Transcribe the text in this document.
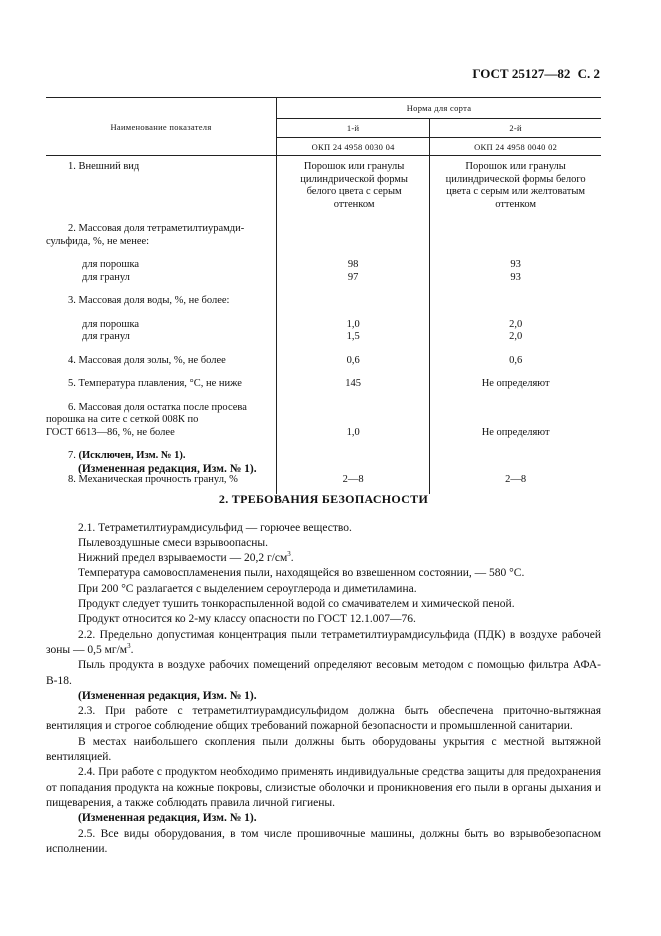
ГОСТ 25127—82 С. 2
Наименование показателя	Норма для сорта	
	1-й	2-й
	ОКП 24 4958 0030 04	ОКП 24 4958 0040 02

1. Внешний вид	Порошок или гранулы цилиндрической формы белого цвета с серым оттенком	Порошок или гранулы цилиндрической формы белого цвета с серым или желтоватым оттенком

2. Массовая доля тетраметилтиурамди-
сульфида, %, не менее:		

для порошка	98	93

для гранул	97	93

3. Массовая доля воды, %, не более:		

для порошка	1,0	2,0

для гранул	1,5	2,0

4. Массовая доля золы, %, не более	0,6	0,6

5. Температура плавления, °С, не ниже	145	Не определяют

6. Массовая доля остатка после просева
порошка на сите с сеткой 008К по
ГОСТ 6613—86, %, не более	1,0	Не определяют

7. (Исключен, Изм. № 1).		

8. Механическая прочность гранул, %	2—8	2—8

(Измененная редакция, Изм. № 1).

2. ТРЕБОВАНИЯ БЕЗОПАСНОСТИ

2.1. Тетраметилтиурамдисульфид — горючее вещество.

Пылевоздушные смеси взрывоопасны.

Нижний предел взрываемости — 20,2 $г/см^3$.

Температура самовоспламенения пыли, находящейся во взвешенном состоянии, — 580 °С.

При 200 °С разлагается с выделением сероуглерода и диметиламина.

Продукт следует тушить тонкораспыленной водой со смачивателем и химической пеной.

Продукт относится ко 2-му классу опасности по ГОСТ 12.1.007—76.

2.2. Предельно допустимая концентрация пыли тетраметилтиурамдисульфида (ПДК) в воздухе рабочей зоны — 0,5 $мг/м^3$.

Пыль продукта в воздухе рабочих помещений определяют весовым методом с помощью фильтра АФА-В-18.

(Измененная редакция, Изм. № 1).

2.3. При работе с тетраметилтиурамдисульфидом должна быть обеспечена приточно-вытяжная вентиляция и строгое соблюдение общих требований пожарной безопасности и промышленной санитарии.

В местах наибольшего скопления пыли должны быть оборудованы укрытия с местной вытяжной вентиляцией.

2.4. При работе с продуктом необходимо применять индивидуальные средства защиты для предохранения от попадания продукта на кожные покровы, слизистые оболочки и проникновения его пыли в органы дыхания и пищеварения, а также соблюдать правила личной гигиены.

(Измененная редакция, Изм. № 1).

2.5. Все виды оборудования, в том числе прошивочные машины, должны быть во взрывобезопасном исполнении.
